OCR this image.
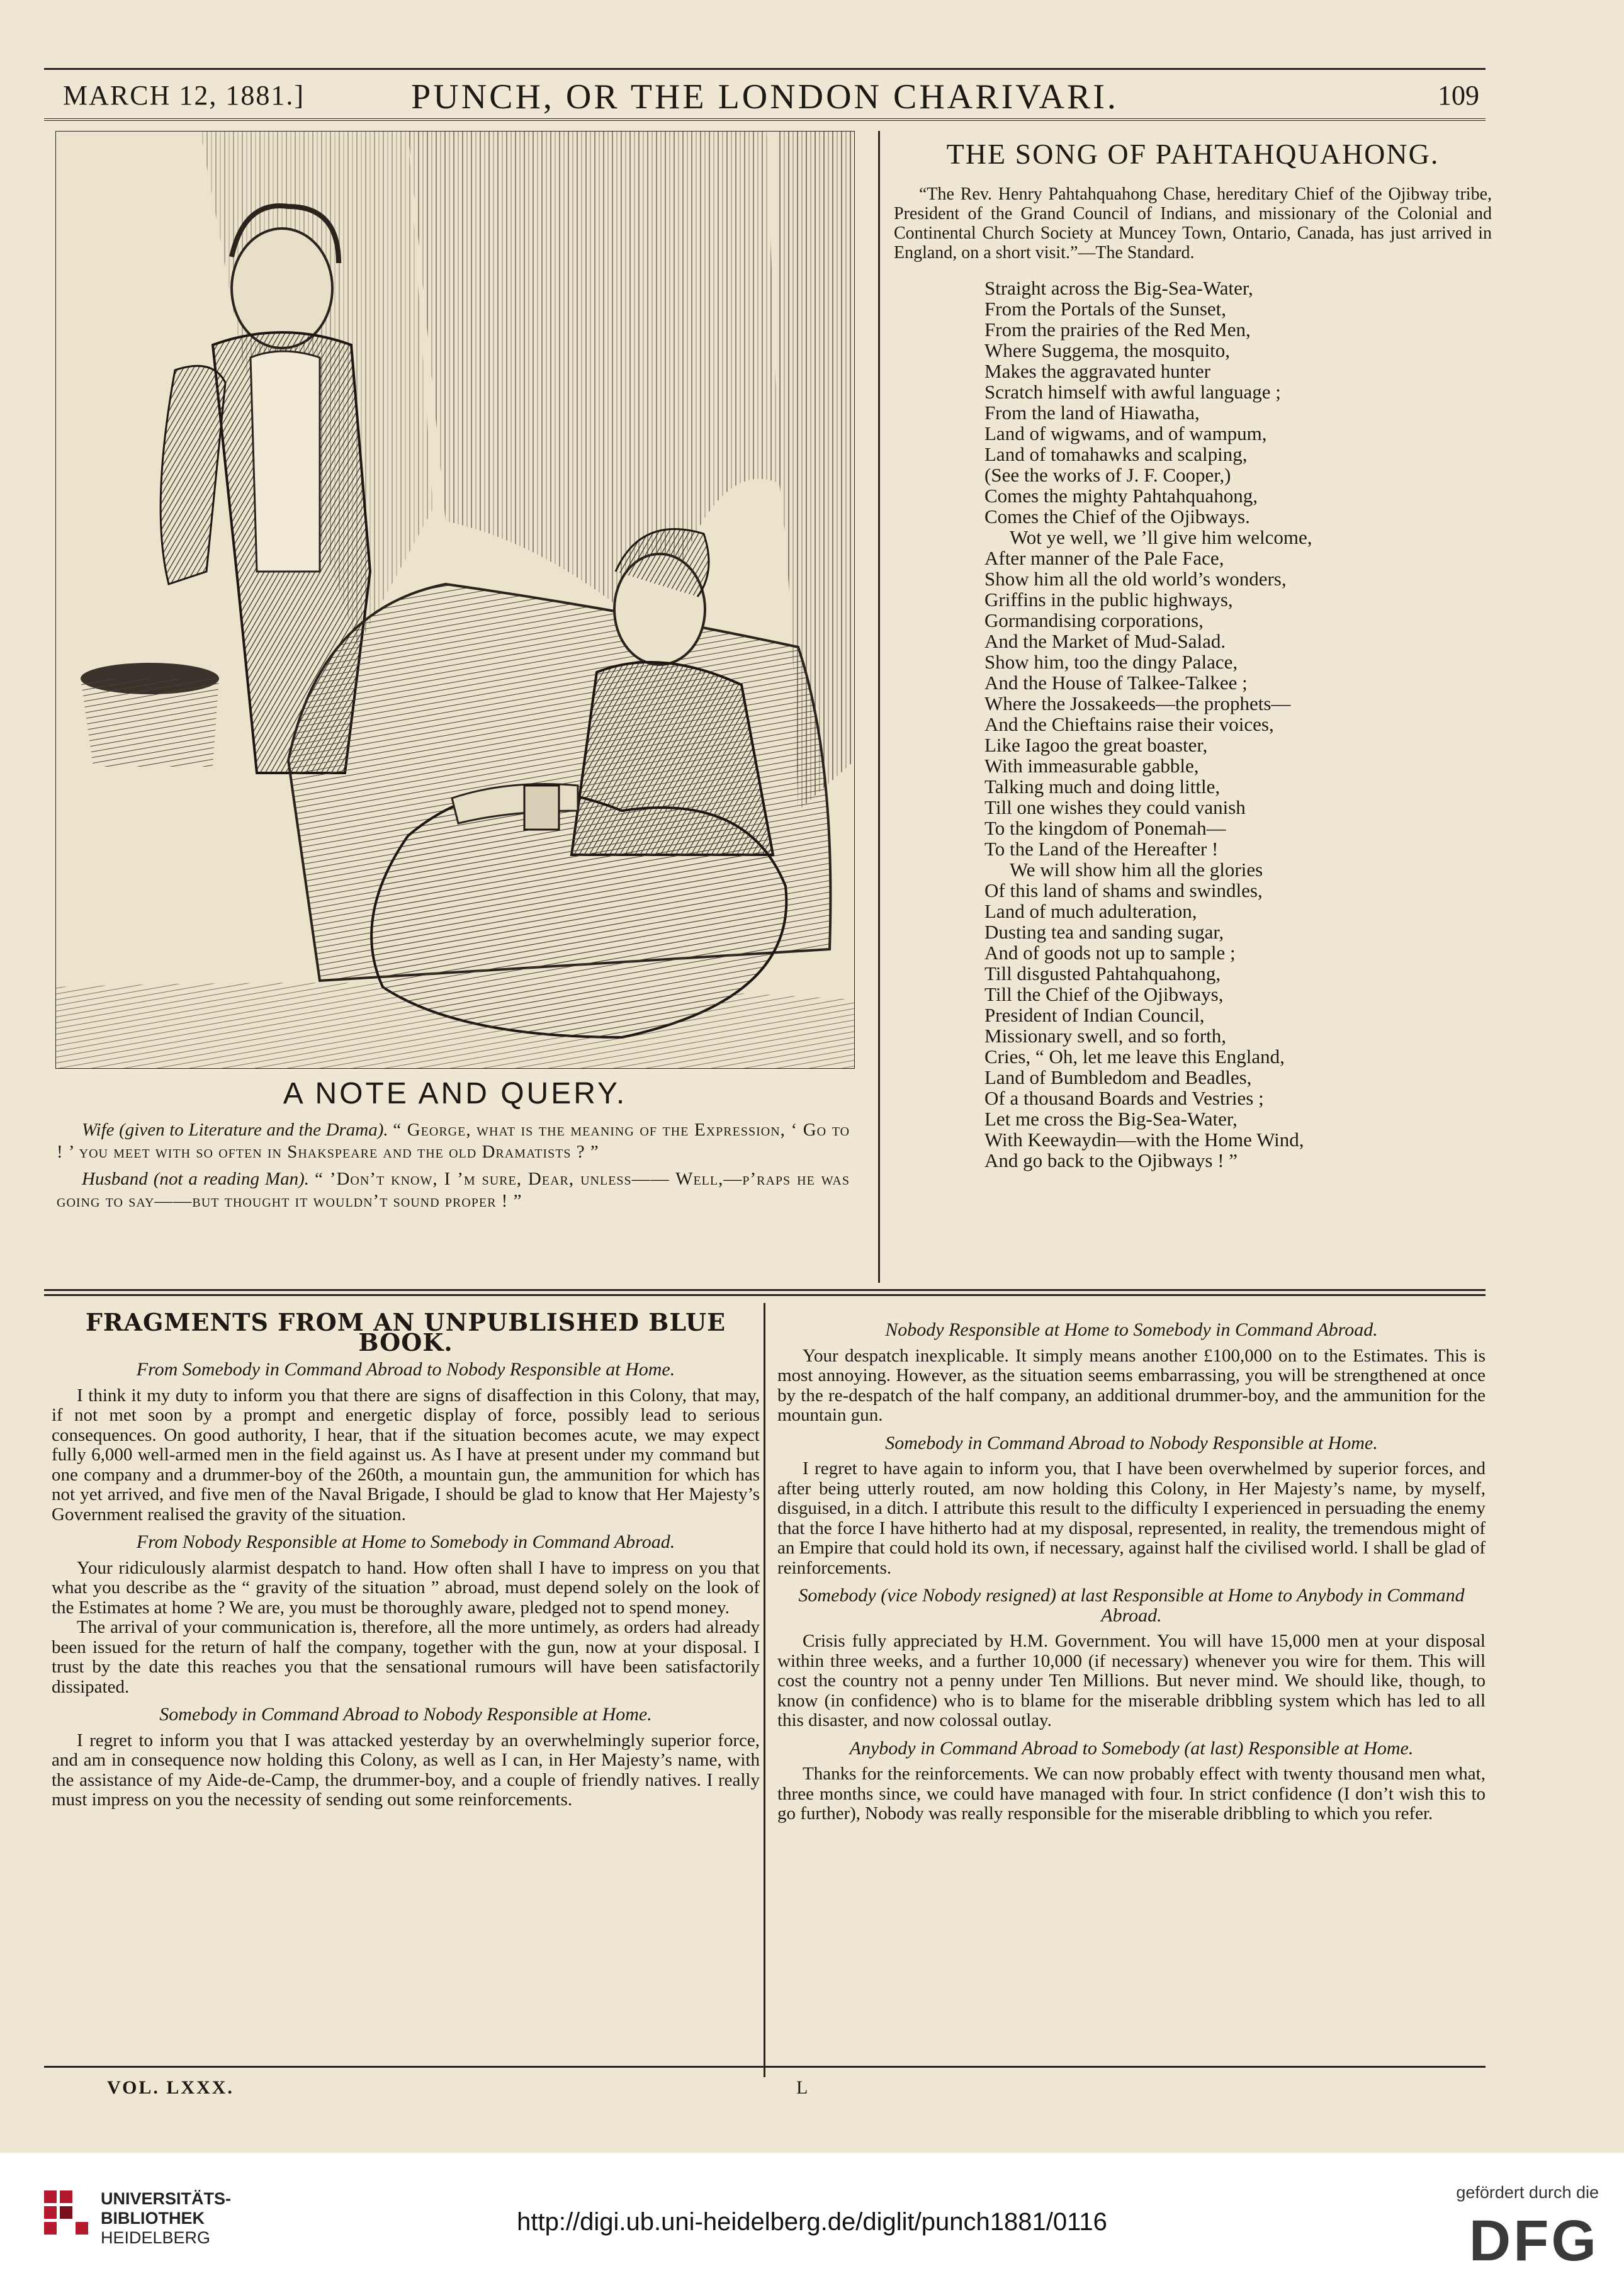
MARCH 12, 1881.]	PUNCH, OR THE LONDON CHARIVARI.	109
A NOTE AND QUERY.

Wife (given to Literature and the Drama). “ George, what is the meaning of the Expression, ‘ Go to ! ’ you meet with so often in Shakspeare and the old Dramatists ? ”

Husband (not a reading Man). “ ’Don’t know, I ’m sure, Dear, unless—— Well,—p’raps he was going to say——but thought it wouldn’t sound proper ! ”

THE SONG OF PAHTAHQUAHONG.

“The Rev. Henry Pahtahquahong Chase, hereditary Chief of the Ojibway tribe, President of the Grand Council of Indians, and missionary of the Colonial and Continental Church Society at Muncey Town, Ontario, Canada, has just arrived in England, on a short visit.”—The Standard.

Straight across the Big-Sea-Water,
From the Portals of the Sunset,
From the prairies of the Red Men,
Where Suggema, the mosquito,
Makes the aggravated hunter
Scratch himself with awful language ;
From the land of Hiawatha,
Land of wigwams, and of wampum,
Land of tomahawks and scalping,
(See the works of J. F. Cooper,)
Comes the mighty Pahtahquahong,
Comes the Chief of the Ojibways.
Wot ye well, we ’ll give him welcome,
After manner of the Pale Face,
Show him all the old world’s wonders,
Griffins in the public highways,
Gormandising corporations,
And the Market of Mud-Salad.
Show him, too the dingy Palace,
And the House of Talkee-Talkee ;
Where the Jossakeeds—the prophets—
And the Chieftains raise their voices,
Like Iagoo the great boaster,
With immeasurable gabble,
Talking much and doing little,
Till one wishes they could vanish
To the kingdom of Ponemah—
To the Land of the Hereafter !
We will show him all the glories
Of this land of shams and swindles,
Land of much adulteration,
Dusting tea and sanding sugar,
And of goods not up to sample ;
Till disgusted Pahtahquahong,
Till the Chief of the Ojibways,
President of Indian Council,
Missionary swell, and so forth,
Cries, “ Oh, let me leave this England,
Land of Bumbledom and Beadles,
Of a thousand Boards and Vestries ;
Let me cross the Big-Sea-Water,
With Keewaydin—with the Home Wind,
And go back to the Ojibways ! ”
FRAGMENTS FROM AN UNPUBLISHED BLUE BOOK.

From Somebody in Command Abroad to Nobody Responsible at Home.

I think it my duty to inform you that there are signs of disaffection in this Colony, that may, if not met soon by a prompt and energetic display of force, possibly lead to serious consequences. On good authority, I hear, that if the situation becomes acute, we may expect fully 6,000 well-armed men in the field against us. As I have at present under my command but one company and a drummer-boy of the 260th, a mountain gun, the ammunition for which has not yet arrived, and five men of the Naval Brigade, I should be glad to know that Her Majesty’s Government realised the gravity of the situation.

From Nobody Responsible at Home to Somebody in Command Abroad.

Your ridiculously alarmist despatch to hand. How often shall I have to impress on you that what you describe as the “ gravity of the situation ” abroad, must depend solely on the look of the Estimates at home ? We are, you must be thoroughly aware, pledged not to spend money.

The arrival of your communication is, therefore, all the more untimely, as orders had already been issued for the return of half the company, together with the gun, now at your disposal. I trust by the date this reaches you that the sensational rumours will have been satisfactorily dissipated.

Somebody in Command Abroad to Nobody Responsible at Home.

I regret to inform you that I was attacked yesterday by an overwhelmingly superior force, and am in consequence now holding this Colony, as well as I can, in Her Majesty’s name, with the assistance of my Aide-de-Camp, the drummer-boy, and a couple of friendly natives. I really must impress on you the necessity of sending out some reinforcements.

Nobody Responsible at Home to Somebody in Command Abroad.

Your despatch inexplicable. It simply means another £100,000 on to the Estimates. This is most annoying. However, as the situation seems embarrassing, you will be strengthened at once by the re-despatch of the half company, an additional drummer-boy, and the ammunition for the mountain gun.

Somebody in Command Abroad to Nobody Responsible at Home.

I regret to have again to inform you, that I have been overwhelmed by superior forces, and after being utterly routed, am now holding this Colony, in Her Majesty’s name, by myself, disguised, in a ditch. I attribute this result to the difficulty I experienced in persuading the enemy that the force I have hitherto had at my disposal, represented, in reality, the tremendous might of an Empire that could hold its own, if necessary, against half the civilised world. I shall be glad of reinforcements.

Somebody (vice Nobody resigned) at last Responsible at Home to Anybody in Command Abroad.

Crisis fully appreciated by H.M. Government. You will have 15,000 men at your disposal within three weeks, and a further 10,000 (if necessary) whenever you wire for them. This will cost the country not a penny under Ten Millions. But never mind. We should like, though, to know (in confidence) who is to blame for the miserable dribbling system which has led to all this disaster, and now colossal outlay.

Anybody in Command Abroad to Somebody (at last) Responsible at Home.

Thanks for the reinforcements. We can now probably effect with twenty thousand men what, three months since, we could have managed with four. In strict confidence (I don’t wish this to go further), Nobody was really responsible for the miserable dribbling to which you refer.

VOL. LXXX.	L
UNIVERSITÄTS-
BIBLIOTHEK
HEIDELBERG
http://digi.ub.uni-heidelberg.de/diglit/punch1881/0116
gefördert durch die
DFG
